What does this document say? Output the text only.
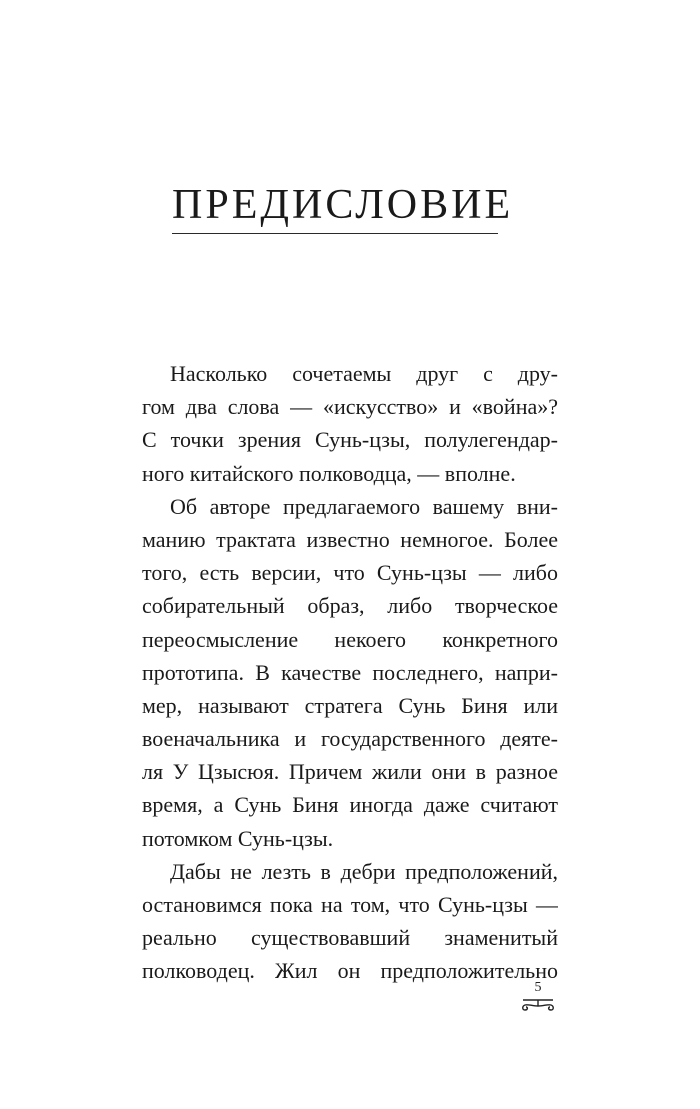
ПРЕДИСЛОВИЕ

Насколько сочетаемы друг с дру-
гом два слова — «искусство» и «война»?
С точки зрения Сунь-цзы, полулегендар-
ного китайского полководца, — вполне.

Об авторе предлагаемого вашему вни-
манию трактата известно немногое. Более
того, есть версии, что Сунь-цзы — либо
собирательный образ, либо творческое
переосмысление некоего конкретного
прототипа. В качестве последнего, напри-
мер, называют стратега Сунь Биня или
военачальника и государственного деяте-
ля У Цзысюя. Причем жили они в разное
время, а Сунь Биня иногда даже считают
потомком Сунь-цзы.

Дабы не лезть в дебри предположений,
остановимся пока на том, что Сунь-цзы —
реально существовавший знаменитый
полководец. Жил он предположительно

5
